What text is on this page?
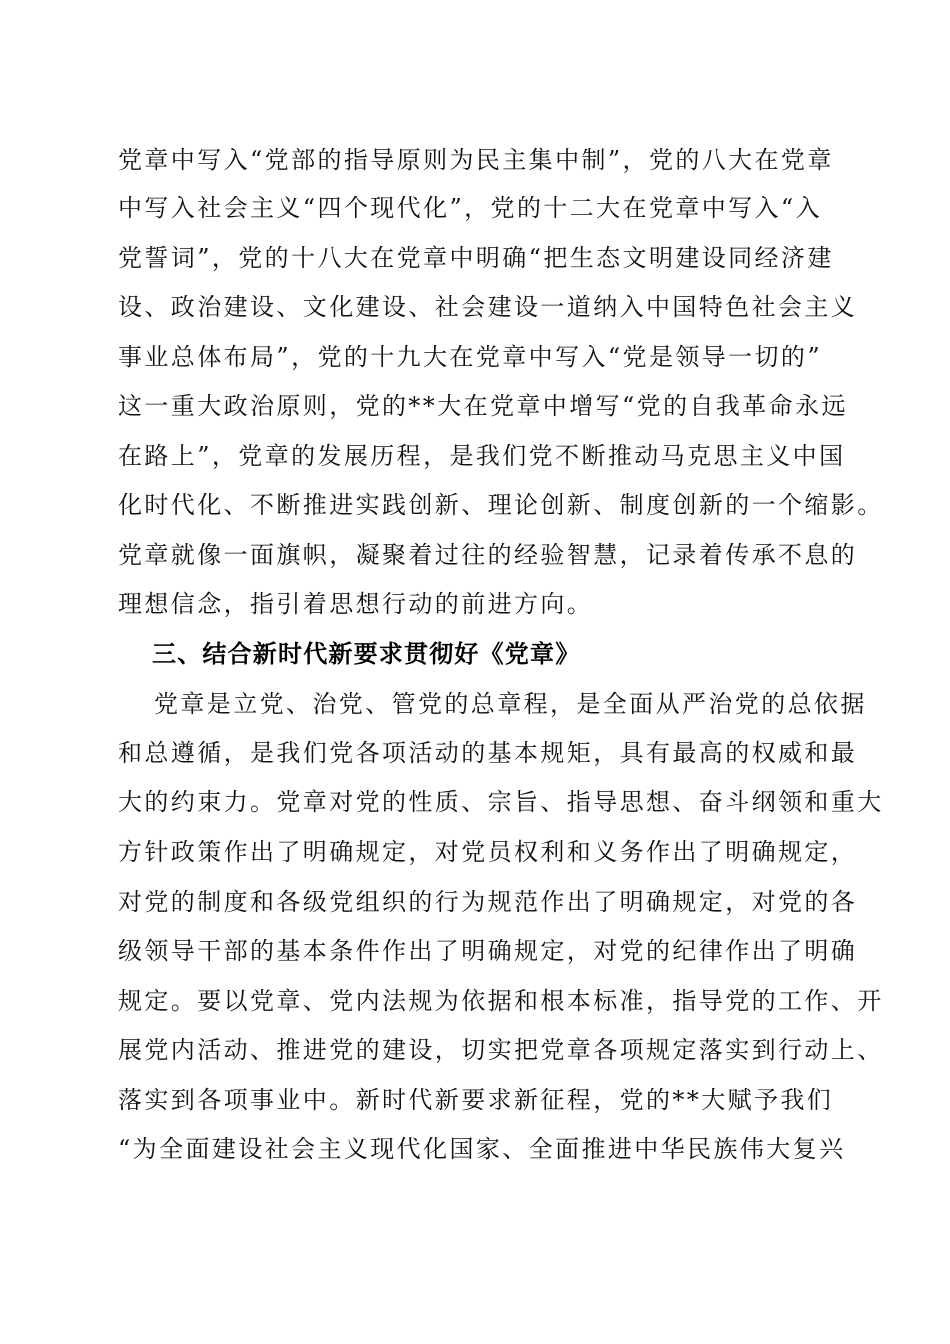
党章中写入“党部的指导原则为民主集中制”，党的八大在党章
中写入社会主义“四个现代化”，党的十二大在党章中写入“入
党誓词”，党的十八大在党章中明确“把生态文明建设同经济建
设、政治建设、文化建设、社会建设一道纳入中国特色社会主义
事业总体布局”，党的十九大在党章中写入“党是领导一切的”
这一重大政治原则，党的**大在党章中增写“党的自我革命永远
在路上”，党章的发展历程，是我们党不断推动马克思主义中国
化时代化、不断推进实践创新、理论创新、制度创新的一个缩影。
党章就像一面旗帜，凝聚着过往的经验智慧，记录着传承不息的
理想信念，指引着思想行动的前进方向。
三、结合新时代新要求贯彻好《党章》
党章是立党、治党、管党的总章程，是全面从严治党的总依据
和总遵循，是我们党各项活动的基本规矩，具有最高的权威和最
大的约束力。党章对党的性质、宗旨、指导思想、奋斗纲领和重大
方针政策作出了明确规定，对党员权利和义务作出了明确规定，
对党的制度和各级党组织的行为规范作出了明确规定，对党的各
级领导干部的基本条件作出了明确规定，对党的纪律作出了明确
规定。要以党章、党内法规为依据和根本标准，指导党的工作、开
展党内活动、推进党的建设，切实把党章各项规定落实到行动上、
落实到各项事业中。新时代新要求新征程，党的**大赋予我们
“为全面建设社会主义现代化国家、全面推进中华民族伟大复兴
